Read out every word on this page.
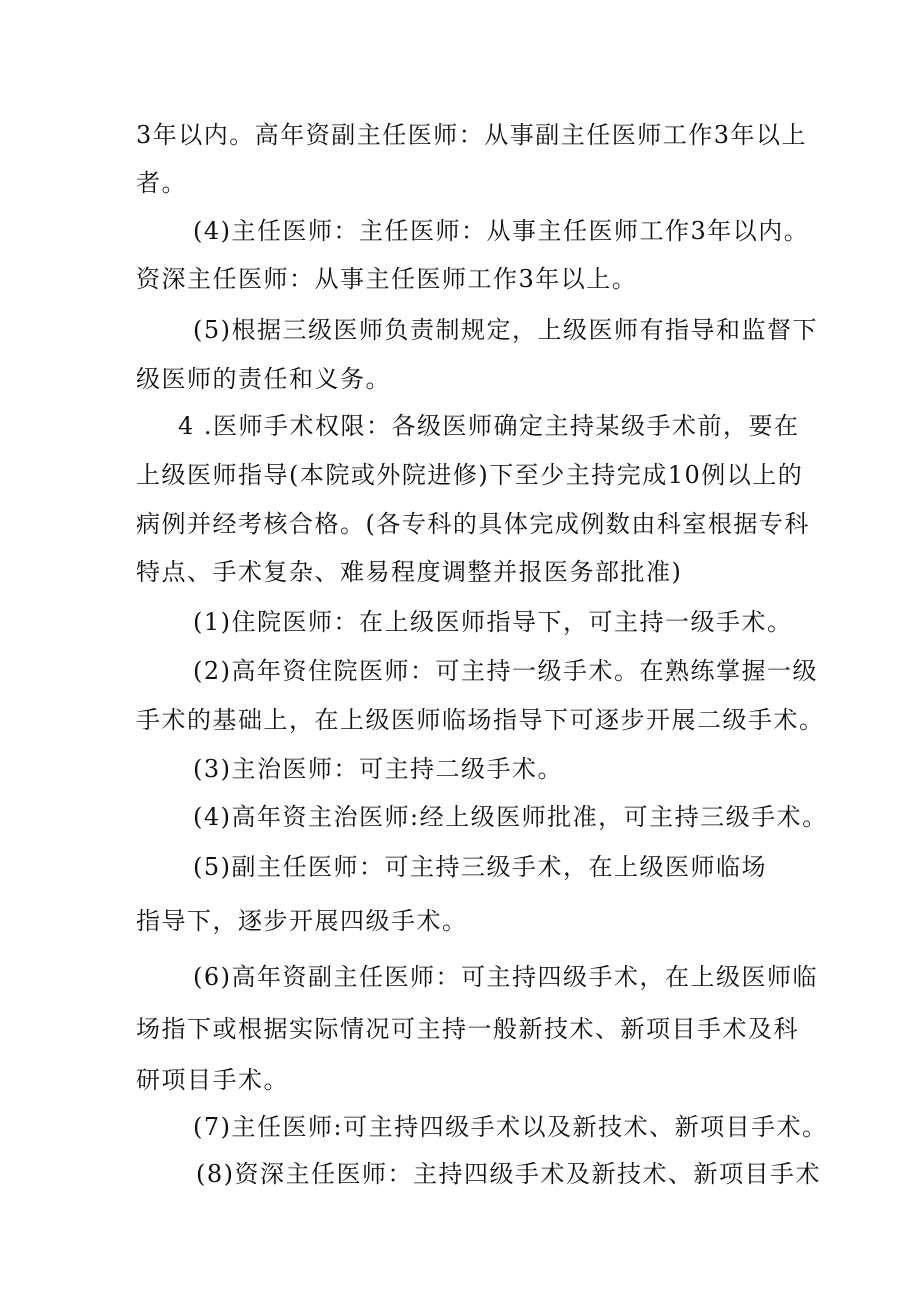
3年以内。高年资副主任医师：从事副主任医师工作3年以上
者。
(4)主任医师：主任医师：从事主任医师工作3年以内。
资深主任医师：从事主任医师工作3年以上。
(5)根据三级医师负责制规定，上级医师有指导和监督下
级医师的责任和义务。
4 .医师手术权限：各级医师确定主持某级手术前，要在
上级医师指导(本院或外院进修)下至少主持完成10例以上的
病例并经考核合格。(各专科的具体完成例数由科室根据专科
特点、手术复杂、难易程度调整并报医务部批准)
(1)住院医师：在上级医师指导下，可主持一级手术。
(2)高年资住院医师：可主持一级手术。在熟练掌握一级
手术的基础上，在上级医师临场指导下可逐步开展二级手术。
(3)主治医师：可主持二级手术。
(4)高年资主治医师:经上级医师批准，可主持三级手术。
(5)副主任医师：可主持三级手术，在上级医师临场
指导下，逐步开展四级手术。
(6)高年资副主任医师：可主持四级手术，在上级医师临
场指下或根据实际情况可主持一般新技术、新项目手术及科
研项目手术。
(7)主任医师:可主持四级手术以及新技术、新项目手术。
(8)资深主任医师：主持四级手术及新技术、新项目手术
